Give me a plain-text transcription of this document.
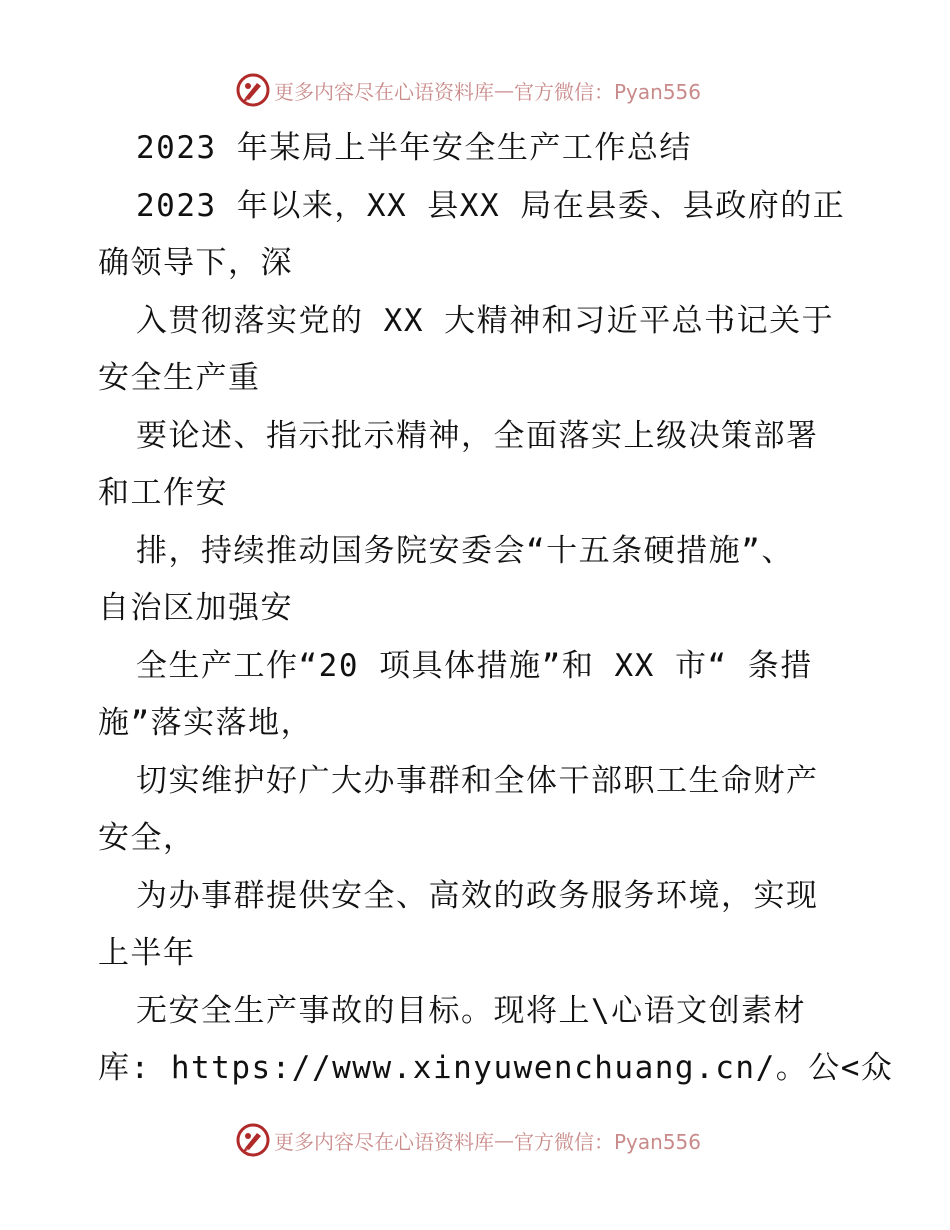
更多内容尽在心语资料库 — 官方微信：Pyan556
2023 年某局上半年安全生产工作总结
2023 年以来，XX 县XX 局在县委、县政府的正
确领导下，深
入贯彻落实党的 XX 大精神和习近平总书记关于
安全生产重
要论述、指示批示精神，全面落实上级决策部署
和工作安
排，持续推动国务院安委会“十五条硬措施”、
自治区加强安
全生产工作“20 项具体措施”和 XX 市“ 条措
施”落实落地，
切实维护好广大办事群和全体干部职工生命财产
安全，
为办事群提供安全、高效的政务服务环境，实现
上半年
无安全生产事故的目标。现将上\心语文创素材
库: https://www.xinyuwenchuang.cn/。公<众
更多内容尽在心语资料库 — 官方微信：Pyan556
